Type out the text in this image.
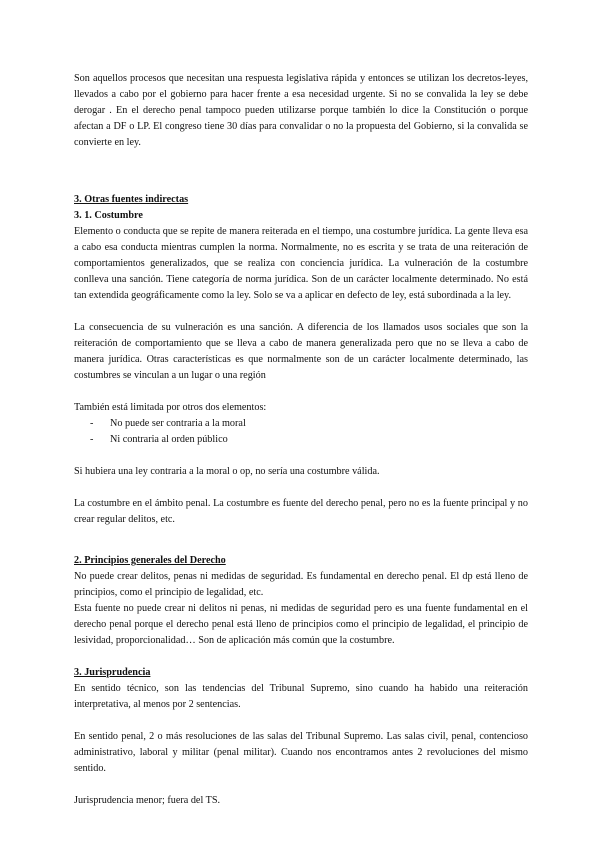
Son aquellos procesos que necesitan una respuesta legislativa rápida y entonces se utilizan los decretos-leyes, llevados a cabo por el gobierno para hacer frente a esa necesidad urgente. Si no se convalida la ley se debe derogar . En el derecho penal tampoco pueden utilizarse porque también lo dice la Constitución o porque afectan a DF o LP. El congreso tiene 30 días para convalidar o no la propuesta del Gobierno, si la convalida se convierte en ley.

3. Otras fuentes indirectas

3. 1. Costumbre

Elemento o conducta que se repite de manera reiterada en el tiempo, una costumbre jurídica. La gente lleva esa a cabo esa conducta mientras cumplen la norma. Normalmente, no es escrita y se trata de una reiteración de comportamientos generalizados, que se realiza con conciencia jurídica. La vulneración de la costumbre conlleva una sanción. Tiene categoría de norma jurídica. Son de un carácter localmente determinado. No está tan extendida geográficamente como la ley. Solo se va a aplicar en defecto de ley, está subordinada a la ley.

La consecuencia de su vulneración es una sanción. A diferencia de los llamados usos sociales que son la reiteración de comportamiento que se lleva a cabo de manera generalizada pero que no se lleva a cabo de manera jurídica. Otras características es que normalmente son de un carácter localmente determinado, las costumbres se vinculan a un lugar o una región

También está limitada por otros dos elementos:

- No puede ser contraria a la moral
- Ni contraria al orden público

Si hubiera una ley contraria a la moral o op, no sería una costumbre válida.

La costumbre en el ámbito penal. La costumbre es fuente del derecho penal, pero no es la fuente principal y no crear regular delitos, etc.

2. Principios generales del Derecho

No puede crear delitos, penas ni medidas de seguridad. Es fundamental en derecho penal. El dp está lleno de principios, como el principio de legalidad, etc.

Esta fuente no puede crear ni delitos ni penas, ni medidas de seguridad pero es una fuente fundamental en el derecho penal porque el derecho penal está lleno de principios como el principio de legalidad, el principio de lesividad, proporcionalidad… Son de aplicación más común que la costumbre.

3. Jurisprudencia

En sentido técnico, son las tendencias del Tribunal Supremo, sino cuando ha habido una reiteración interpretativa, al menos por 2 sentencias.

En sentido penal, 2 o más resoluciones de las salas del Tribunal Supremo. Las salas civil, penal, contencioso administrativo, laboral y militar (penal militar). Cuando nos encontramos antes 2 revoluciones del mismo sentido.

Jurisprudencia menor; fuera del TS.
